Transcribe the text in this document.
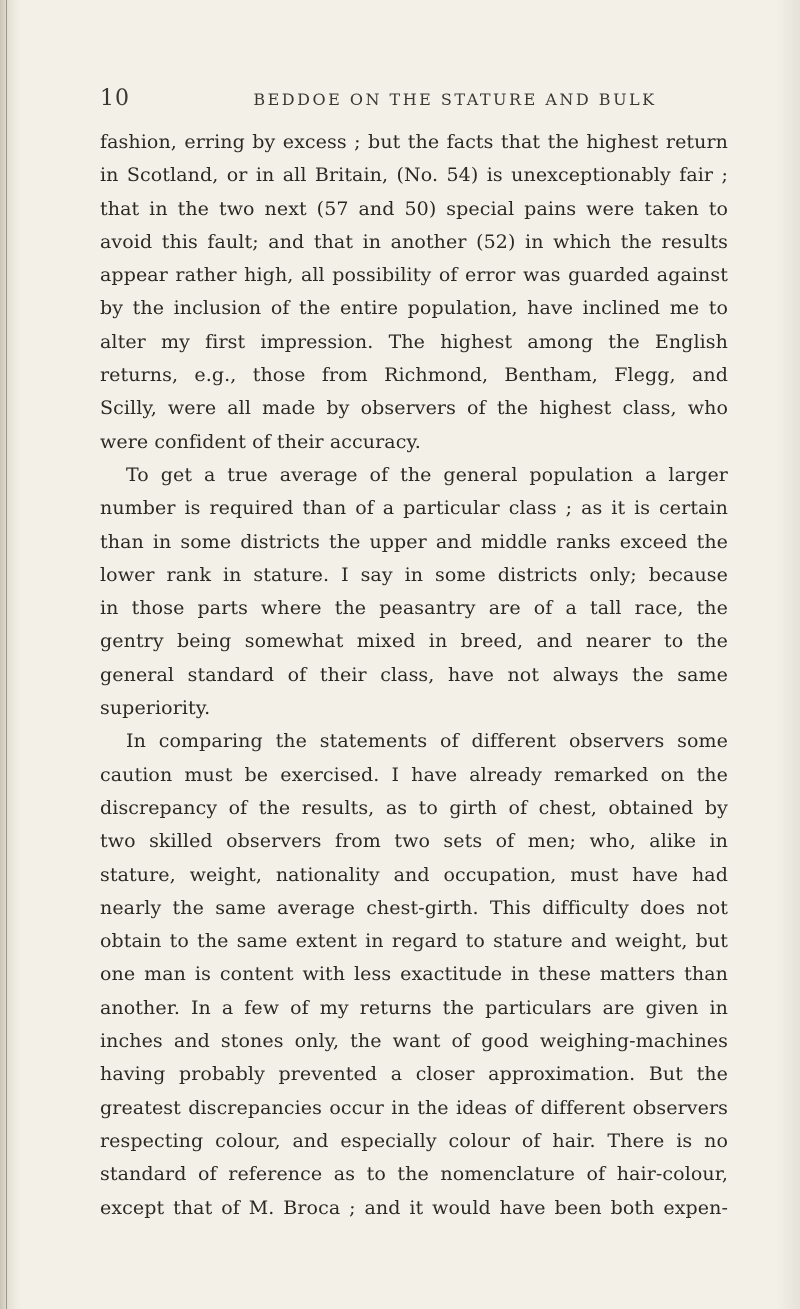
10	BEDDOE ON THE STATURE AND BULK
fashion, erring by excess ; but the facts that the highest return
in Scotland, or in all Britain, (No. 54) is unexceptionably fair ;
that in the two next (57 and 50) special pains were taken to
avoid this fault; and that in another (52) in which the results
appear rather high, all possibility of error was guarded against
by the inclusion of the entire population, have inclined me to
alter my first impression. The highest among the English
returns, e.g., those from Richmond, Bentham, Flegg, and
Scilly, were all made by observers of the highest class, who
were confident of their accuracy.
To get a true average of the general population a larger
number is required than of a particular class ; as it is certain
than in some districts the upper and middle ranks exceed the
lower rank in stature. I say in some districts only; because
in those parts where the peasantry are of a tall race, the
gentry being somewhat mixed in breed, and nearer to the
general standard of their class, have not always the same
superiority.
In comparing the statements of different observers some
caution must be exercised. I have already remarked on the
discrepancy of the results, as to girth of chest, obtained by
two skilled observers from two sets of men; who, alike in
stature, weight, nationality and occupation, must have had
nearly the same average chest-girth. This difficulty does not
obtain to the same extent in regard to stature and weight, but
one man is content with less exactitude in these matters than
another. In a few of my returns the particulars are given in
inches and stones only, the want of good weighing-machines
having probably prevented a closer approximation. But the
greatest discrepancies occur in the ideas of different observers
respecting colour, and especially colour of hair. There is no
standard of reference as to the nomenclature of hair-colour,
except that of M. Broca ; and it would have been both expen-
